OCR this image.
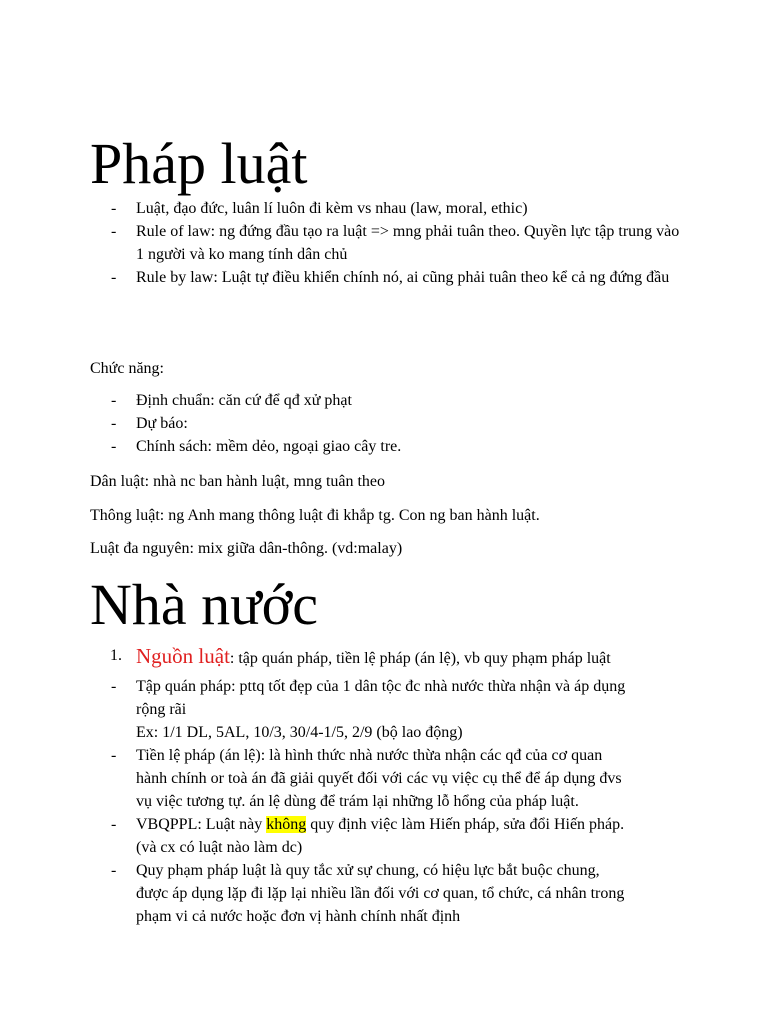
Pháp luật
- Luật, đạo đức, luân lí luôn đi kèm vs nhau (law, moral, ethic)
- Rule of law: ng đứng đầu tạo ra luật => mng phải tuân theo. Quyền lực tập trung vào 1 người và ko mang tính dân chủ
- Rule by law: Luật tự điều khiển chính nó, ai cũng phải tuân theo kể cả ng đứng đầu
Chức năng:
- Định chuẩn: căn cứ để qđ xử phạt
- Dự báo:
- Chính sách: mềm dẻo, ngoại giao cây tre.
Dân luật: nhà nc ban hành luật, mng tuân theo
Thông luật: ng Anh mang thông luật đi khắp tg. Con ng ban hành luật.
Luật đa nguyên: mix giữa dân-thông. (vd:malay)
Nhà nước
1. Nguồn luật: tập quán pháp, tiền lệ pháp (án lệ), vb quy phạm pháp luật
- Tập quán pháp: pttq tốt đẹp của 1 dân tộc đc nhà nước thừa nhận và áp dụng
rộng rãi
Ex: 1/1 DL, 5AL, 10/3, 30/4-1/5, 2/9 (bộ lao động)
- Tiền lệ pháp (án lệ): là hình thức nhà nước thừa nhận các qđ của cơ quan
hành chính or toà án đã giải quyết đối với các vụ việc cụ thể để áp dụng đvs
vụ việc tương tự. án lệ dùng để trám lại những lỗ hổng của pháp luật.
- VBQPPL: Luật này không quy định việc làm Hiến pháp, sửa đổi Hiến pháp.
(và cx có luật nào làm dc)
- Quy phạm pháp luật là quy tắc xử sự chung, có hiệu lực bắt buộc chung,
được áp dụng lặp đi lặp lại nhiều lần đối với cơ quan, tổ chức, cá nhân trong
phạm vi cả nước hoặc đơn vị hành chính nhất định
